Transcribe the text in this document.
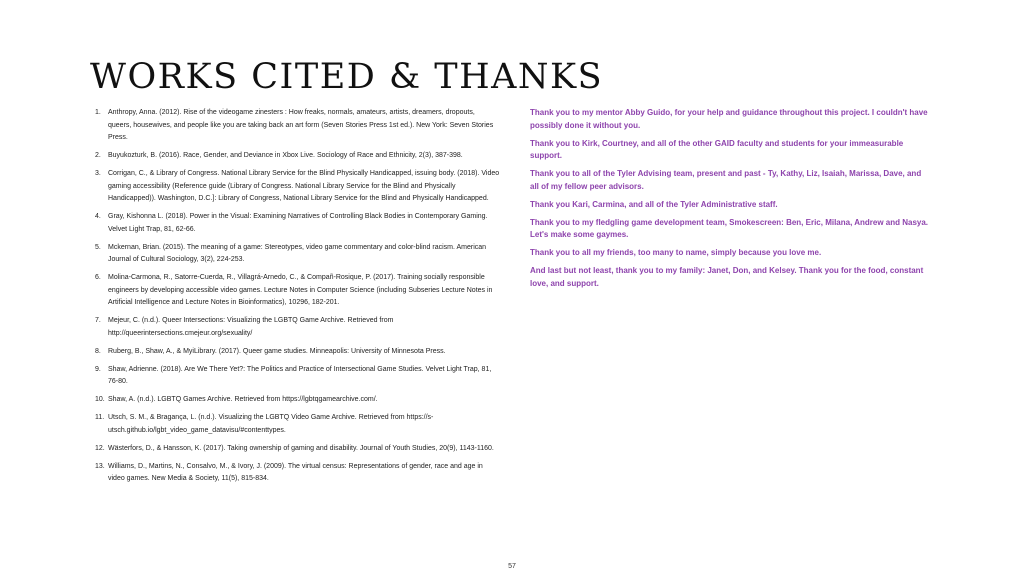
WORKS CITED & THANKS
1.	Anthropy, Anna. (2012). Rise of the videogame zinesters : How freaks, normals, amateurs, artists, dreamers, dropouts, queers, housewives, and people like you are taking back an art form (Seven Stories Press 1st ed.). New York: Seven Stories Press.
2.	Buyukozturk, B. (2016). Race, Gender, and Deviance in Xbox Live. Sociology of Race and Ethnicity, 2(3), 387-398.
3.	Corrigan, C., & Library of Congress. National Library Service for the Blind Physically Handicapped, issuing body. (2018). Video gaming accessibility (Reference guide (Library of Congress. National Library Service for the Blind and Physically Handicapped)). Washington, D.C.]: Library of Congress, National Library Service for the Blind and Physically Handicapped.
4.	Gray, Kishonna L. (2018). Power in the Visual: Examining Narratives of Controlling Black Bodies in Contemporary Gaming. Velvet Light Trap, 81, 62-66.
5.	Mckernan, Brian. (2015). The meaning of a game: Stereotypes, video game commentary and color-blind racism. American Journal of Cultural Sociology, 3(2), 224-253.
6.	Molina-Carmona, R., Satorre-Cuerda, R., Villagrá-Arnedo, C., & Compañ-Rosique, P. (2017). Training socially responsible engineers by developing accessible video games. Lecture Notes in Computer Science (including Subseries Lecture Notes in Artificial Intelligence and Lecture Notes in Bioinformatics), 10296, 182-201.
7.	Mejeur, C. (n.d.). Queer Intersections: Visualizing the LGBTQ Game Archive. Retrieved from http://queerintersections.cmejeur.org/sexuality/
8.	Ruberg, B., Shaw, A., & MyiLibrary. (2017). Queer game studies. Minneapolis: University of Minnesota Press.
9.	Shaw, Adrienne. (2018). Are We There Yet?: The Politics and Practice of Intersectional Game Studies. Velvet Light Trap, 81, 76-80.
10. Shaw, A. (n.d.). LGBTQ Games Archive. Retrieved from https://lgbtqgamearchive.com/.
11. Utsch, S. M., & Bragança, L. (n.d.). Visualizing the LGBTQ Video Game Archive. Retrieved from https://s-utsch.github.io/lgbt_video_game_datavisu/#contenttypes.
12. Wästerfors, D., & Hansson, K. (2017). Taking ownership of gaming and disability. Journal of Youth Studies, 20(9), 1143-1160.
13. Williams, D., Martins, N., Consalvo, M., & Ivory, J. (2009). The virtual census: Representations of gender, race and age in video games. New Media & Society, 11(5), 815-834.

Thank you to my mentor Abby Guido, for your help and guidance throughout this project. I couldn't have possibly done it without you.

Thank you to Kirk, Courtney, and all of the other GAID faculty and students for your immeasurable support.

Thank you to all of the Tyler Advising team, present and past - Ty, Kathy, Liz, Isaiah, Marissa, Dave, and all of my fellow peer advisors.

Thank you Kari, Carmina, and all of the Tyler Administrative staff.

Thank you to my fledgling game development team, Smokescreen: Ben, Eric, Milana, Andrew and Nasya. Let's make some gaymes.

Thank you to all my friends, too many to name, simply because you love me.

And last but not least, thank you to my family: Janet, Don, and Kelsey. Thank you for the food, constant love, and support.

57
